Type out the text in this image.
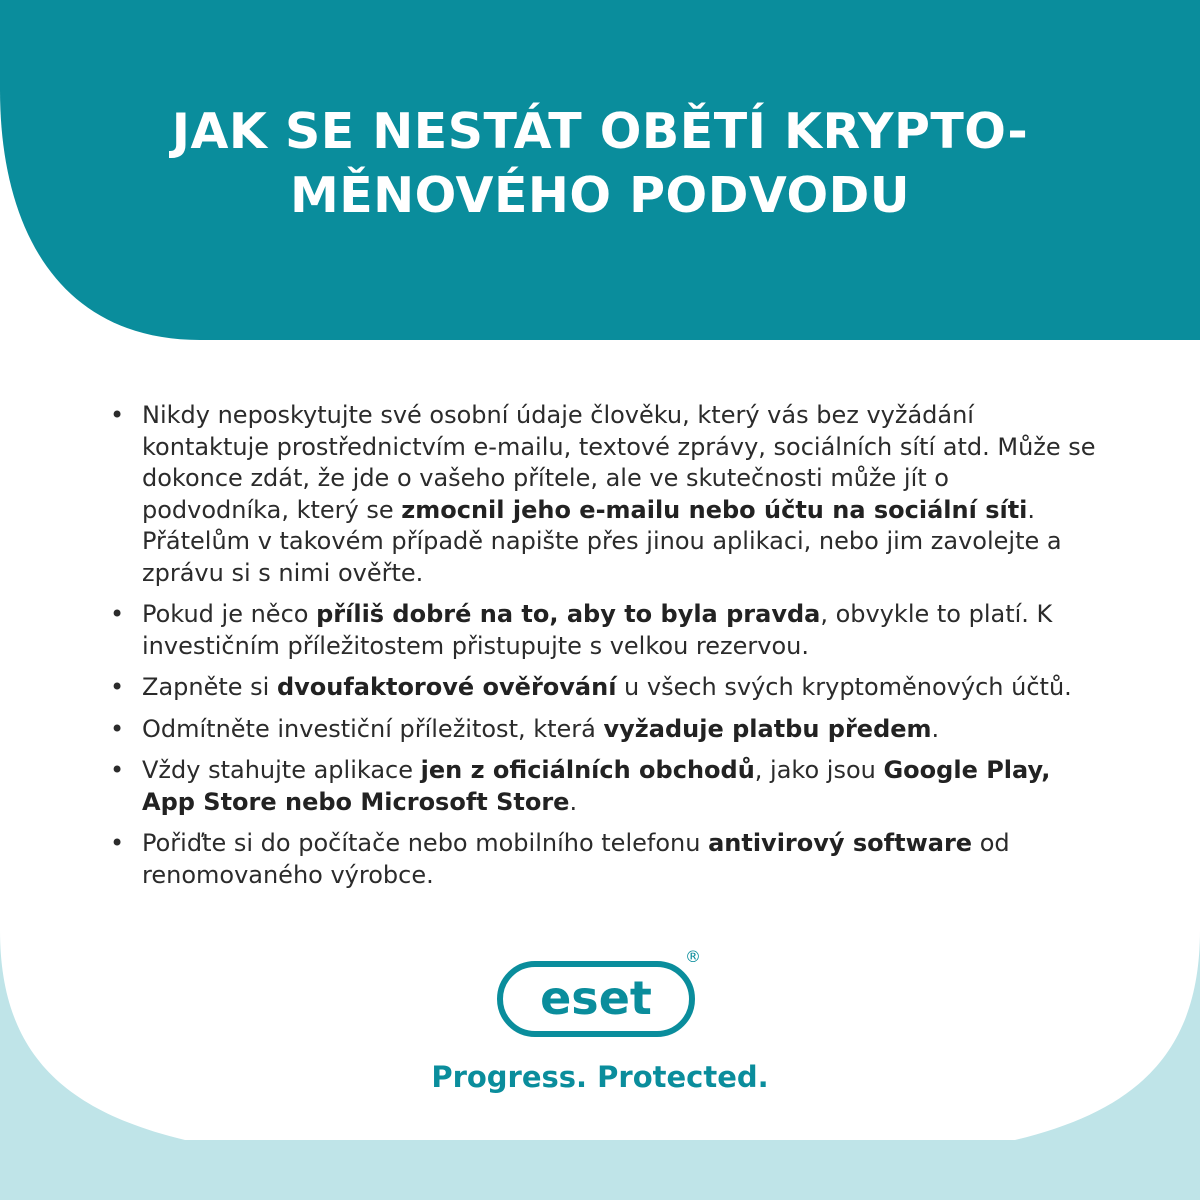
JAK SE NESTÁT OBĚTÍ KRYPTO-
MĚNOVÉHO PODVODU
• Nikdy neposkytujte své osobní údaje člověku, který vás bez vyžádání kontaktuje prostřednictvím e-mailu, textové zprávy, sociálních sítí atd. Může se dokonce zdát, že jde o vašeho přítele, ale ve skutečnosti může jít o podvodníka, který se zmocnil jeho e-mailu nebo účtu na sociální síti. Přátelům v takovém případě napište přes jinou aplikaci, nebo jim zavolejte a zprávu si s nimi ověřte.
• Pokud je něco příliš dobré na to, aby to byla pravda, obvykle to platí. K investičním příležitostem přistupujte s velkou rezervou.
• Zapněte si dvoufaktorové ověřování u všech svých kryptoměnových účtů.
• Odmítněte investiční příležitost, která vyžaduje platbu předem.
• Vždy stahujte aplikace jen z oficiálních obchodů, jako jsou Google Play, App Store nebo Microsoft Store.
• Pořiďte si do počítače nebo mobilního telefonu antivirový software od renomovaného výrobce.
eset
®

Progress. Protected.
